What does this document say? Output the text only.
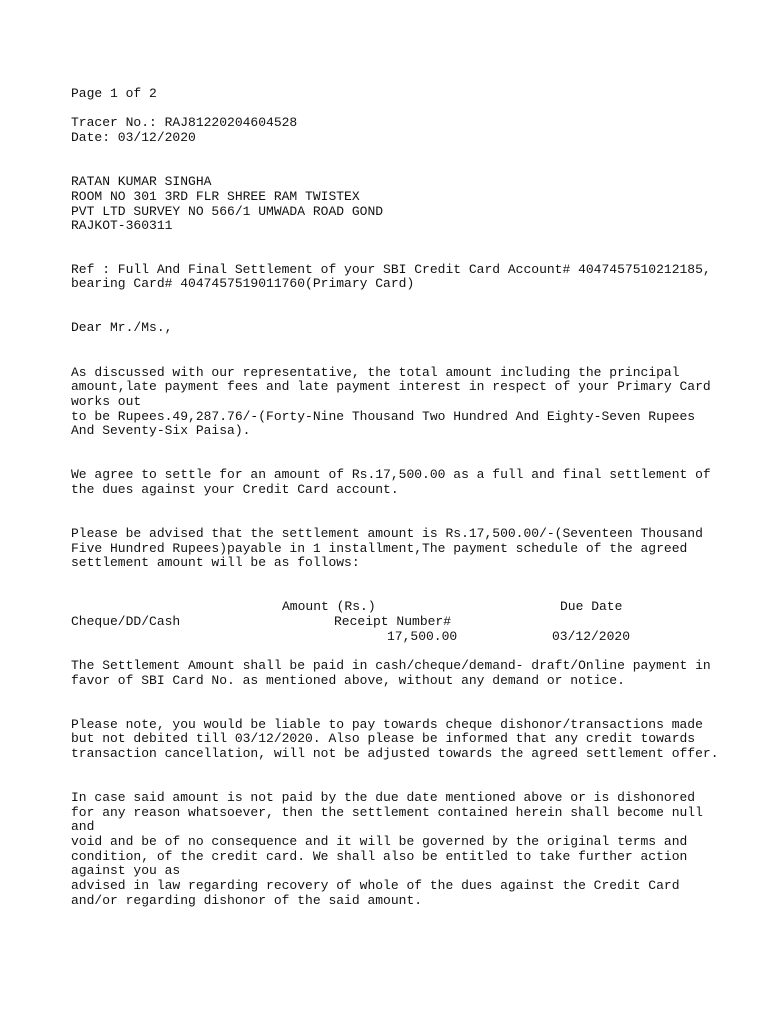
Page 1 of 2
Tracer No.: RAJ81220204604528
Date: 03/12/2020
RATAN KUMAR SINGHA
ROOM NO 301 3RD FLR SHREE RAM TWISTEX
PVT LTD SURVEY NO 566/1 UMWADA ROAD GOND
RAJKOT-360311
Ref : Full And Final Settlement of your SBI Credit Card Account# 4047457510212185,
bearing Card# 4047457519011760(Primary Card)
Dear Mr./Ms.,
As discussed with our representative, the total amount including the principal
amount,late payment fees and late payment interest in respect of your Primary Card
works out
to be Rupees.49,287.76/-(Forty-Nine Thousand Two Hundred And Eighty-Seven Rupees
And Seventy-Six Paisa).
We agree to settle for an amount of Rs.17,500.00 as a full and final settlement of
the dues against your Credit Card account.
Please be advised that the settlement amount is Rs.17,500.00/-(Seventeen Thousand
Five Hundred Rupees)payable in 1 installment,The payment schedule of the agreed
settlement amount will be as follows:
Amount (Rs.)	Due Date
Cheque/DD/Cash	Receipt Number#
17,500.00	03/12/2020
The Settlement Amount shall be paid in cash/cheque/demand- draft/Online payment in
favor of SBI Card No. as mentioned above, without any demand or notice.
Please note, you would be liable to pay towards cheque dishonor/transactions made
but not debited till 03/12/2020. Also please be informed that any credit towards
transaction cancellation, will not be adjusted towards the agreed settlement offer.
In case said amount is not paid by the due date mentioned above or is dishonored
for any reason whatsoever, then the settlement contained herein shall become null
and
void and be of no consequence and it will be governed by the original terms and
condition, of the credit card. We shall also be entitled to take further action
against you as
advised in law regarding recovery of whole of the dues against the Credit Card
and/or regarding dishonor of the said amount.
